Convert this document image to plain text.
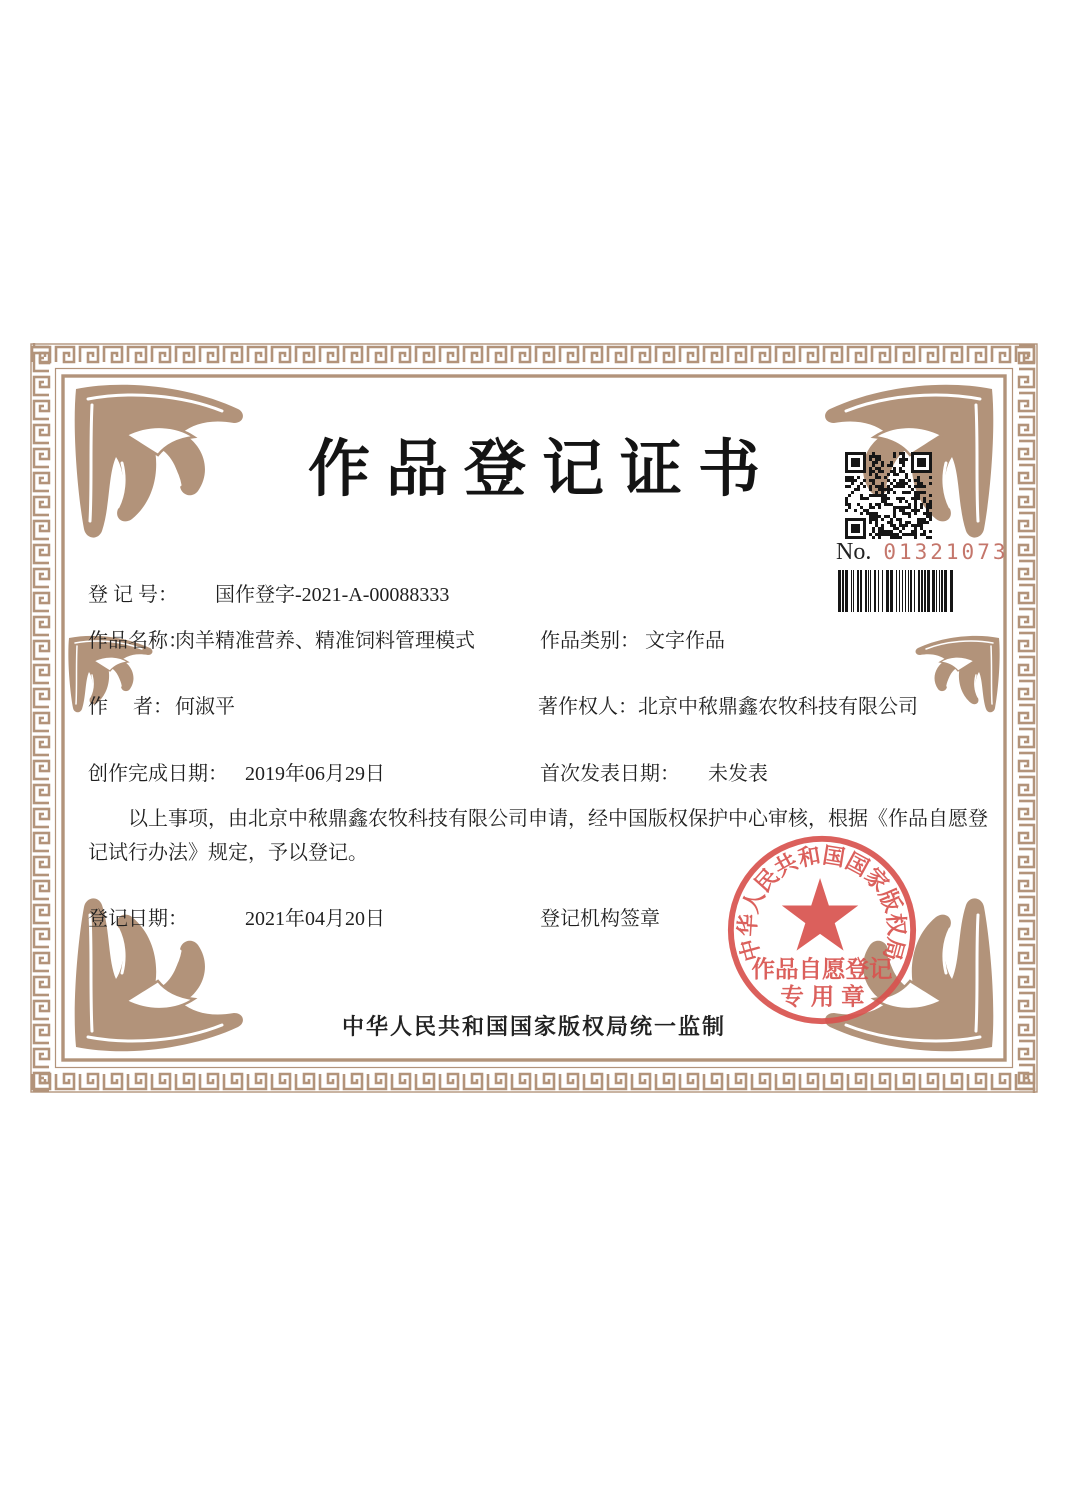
作品登记证书
No. 01321073
登 记 号： 国作登字-2021-A-00088333
作品名称：
肉羊精准营养、精准饲料管理模式	作品类别： 文字作品
作　 者： 何淑平	著作权人： 北京中秾鼎鑫农牧科技有限公司
创作完成日期： 2019年06月29日	首次发表日期： 未发表
以上事项，由北京中秾鼎鑫农牧科技有限公司申请，经中国版权保护中心审核，根据《作品自愿登记试行办法》规定，予以登记。
登记日期：	2021年04月20日	登记机构签章
中华人民共和国国家版权局
作品自愿登记
专用章
中华人民共和国国家版权局统一监制
